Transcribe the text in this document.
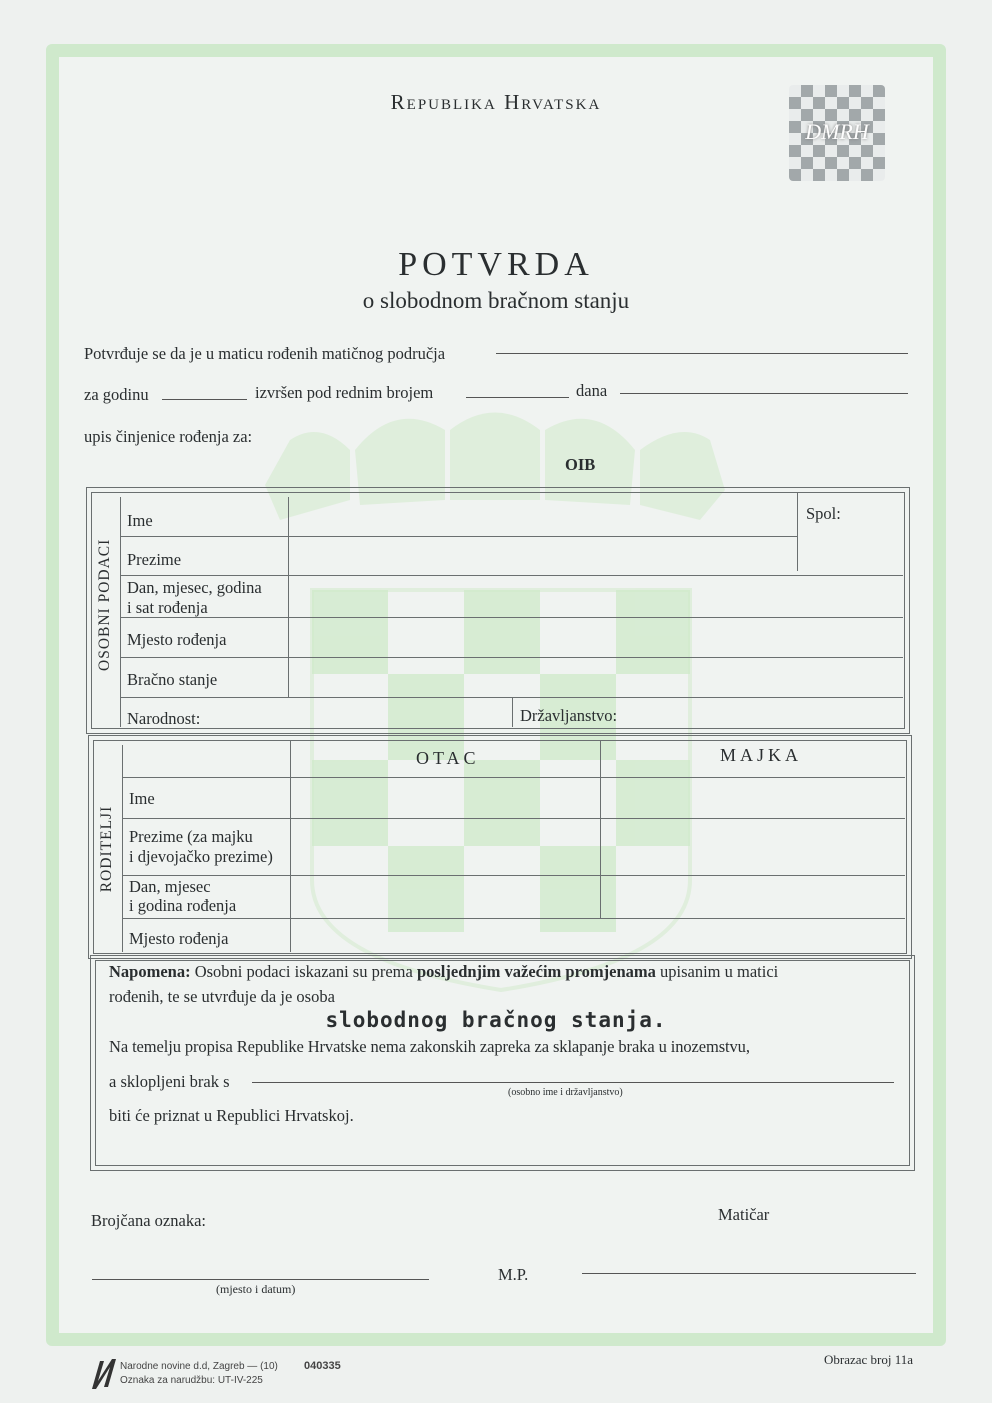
DMRH
Republika Hrvatska
POTVRDA
o slobodnom bračnom stanju
Potvrđuje se da je u maticu rođenih matičnog područja
za godinu	izvršen pod rednim brojem	dana
upis činjenice rođenja za:
OIB
OSOBNI PODACI
Ime	Spol:
Prezime
Dan, mjesec, godina
i sat rođenja
Mjesto rođenja
Bračno stanje
Narodnost:	Državljanstvo:
RODITELJI
OTAC	MAJKA
Ime
Prezime (za majku
i djevojačko prezime)
Dan, mjesec
i godina rođenja
Mjesto rođenja
Napomena: Osobni podaci iskazani su prema posljednjim važećim promjenama upisanim u matici
rođenih, te se utvrđuje da je osoba
slobodnog bračnog stanja.
Na temelju propisa Republike Hrvatske nema zakonskih zapreka za sklapanje braka u inozemstvu,
a sklopljeni brak s
(osobno ime i državljanstvo)
biti će priznat u Republici Hrvatskoj.
Brojčana oznaka:	Matičar
(mjesto i datum)
M.P.
Narodne novine d.d, Zagreb — (10) 040335
Oznaka za narudžbu: UT-IV-225
Obrazac broj 11a
